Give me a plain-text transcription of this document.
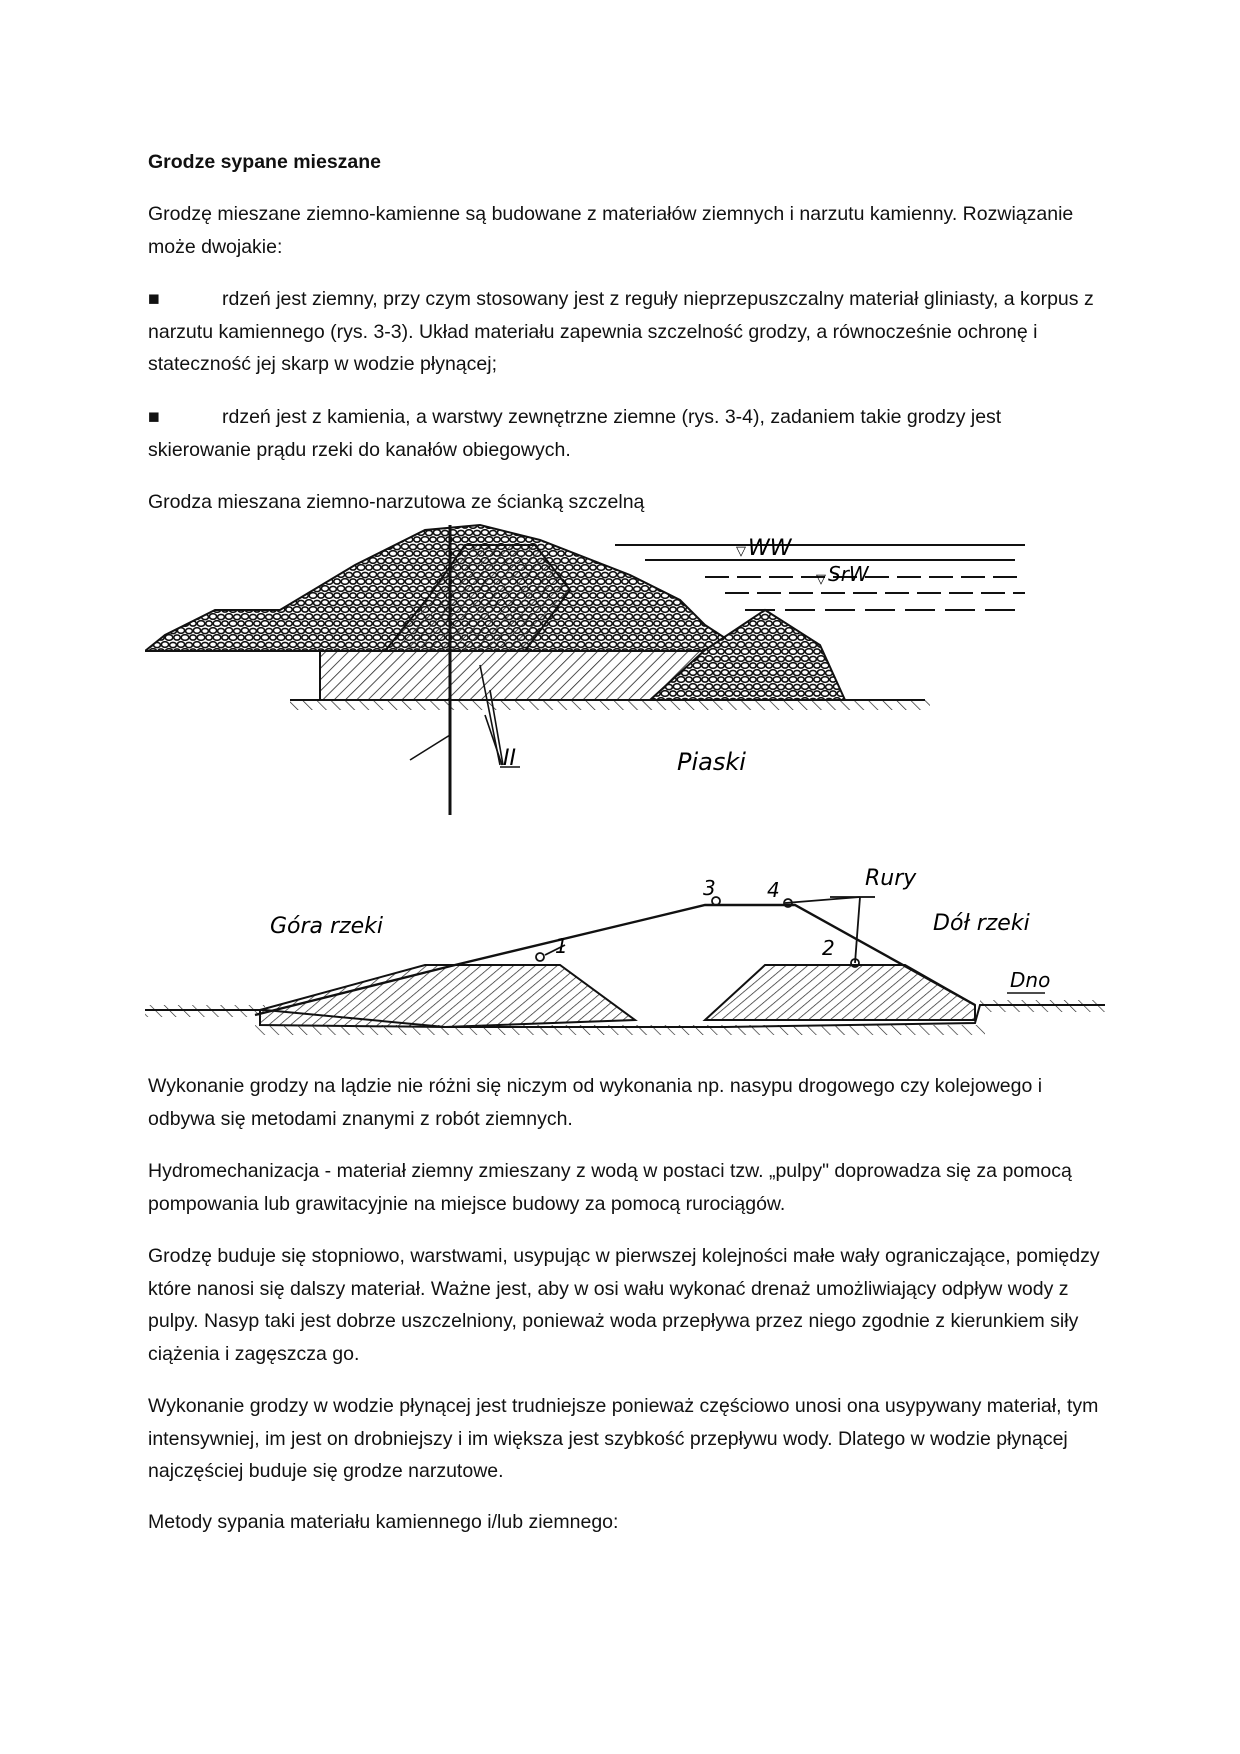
Grodze sypane mieszane
Grodzę mieszane ziemno-kamienne są budowane z materiałów ziemnych i narzutu kamienny. Rozwiązanie może dwojakie:
■	rdzeń jest ziemny, przy czym stosowany jest z reguły nieprzepuszczalny materiał gliniasty, a korpus z narzutu kamiennego (rys. 3-3). Układ materiału zapewnia szczelność grodzy, a równocześnie ochronę i stateczność jej skarp w wodzie płynącej;
■	rdzeń jest z kamienia, a warstwy zewnętrzne ziemne (rys. 3-4), zadaniem takie grodzy jest skierowanie prądu rzeki do kanałów obiegowych.
Grodza mieszana ziemno-narzutowa ze ścianką szczelną
▽ WW
▽ SrW
II	Piaski
3	4
1	2
Rury
Góra rzeki	Dół rzeki
Dno
Wykonanie grodzy na lądzie nie różni się niczym od wykonania np. nasypu drogowego czy kolejowego i odbywa się metodami znanymi z robót ziemnych.
Hydromechanizacja - materiał ziemny zmieszany z wodą w postaci tzw. „pulpy" doprowadza się za pomocą pompowania lub grawitacyjnie na miejsce budowy za pomocą rurociągów.
Grodzę buduje się stopniowo, warstwami, usypując w pierwszej kolejności małe wały ograniczające, pomiędzy które nanosi się dalszy materiał. Ważne jest, aby w osi wału wykonać drenaż umożliwiający odpływ wody z pulpy. Nasyp taki jest dobrze uszczelniony, ponieważ woda przepływa przez niego zgodnie z kierunkiem siły ciążenia i zagęszcza go.
Wykonanie grodzy w wodzie płynącej jest trudniejsze ponieważ częściowo unosi ona usypywany materiał, tym intensywniej, im jest on drobniejszy i im większa jest szybkość przepływu wody. Dlatego w wodzie płynącej najczęściej buduje się grodze narzutowe.
Metody sypania materiału kamiennego i/lub ziemnego:
